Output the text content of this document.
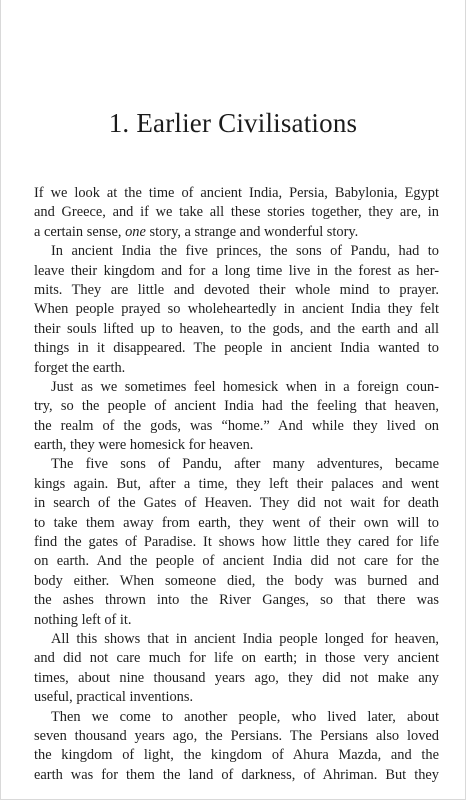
1. Earlier Civilisations
If we look at the time of ancient India, Persia, Babylonia, Egypt
and Greece, and if we take all these stories together, they are, in
a certain sense, one story, a strange and wonderful story.
In ancient India the five princes, the sons of Pandu, had to
leave their kingdom and for a long time live in the forest as her-
mits. They are little and devoted their whole mind to prayer.
When people prayed so wholeheartedly in ancient India they felt
their souls lifted up to heaven, to the gods, and the earth and all
things in it disappeared. The people in ancient India wanted to
forget the earth.
Just as we sometimes feel homesick when in a foreign coun-
try, so the people of ancient India had the feeling that heaven,
the realm of the gods, was “home.” And while they lived on
earth, they were homesick for heaven.
The five sons of Pandu, after many adventures, became
kings again. But, after a time, they left their palaces and went
in search of the Gates of Heaven. They did not wait for death
to take them away from earth, they went of their own will to
find the gates of Paradise. It shows how little they cared for life
on earth. And the people of ancient India did not care for the
body either. When someone died, the body was burned and
the ashes thrown into the River Ganges, so that there was
nothing left of it.
All this shows that in ancient India people longed for heaven,
and did not care much for life on earth; in those very ancient
times, about nine thousand years ago, they did not make any
useful, practical inventions.
Then we come to another people, who lived later, about
seven thousand years ago, the Persians. The Persians also loved
the kingdom of light, the kingdom of Ahura Mazda, and the
earth was for them the land of darkness, of Ahriman. But they
